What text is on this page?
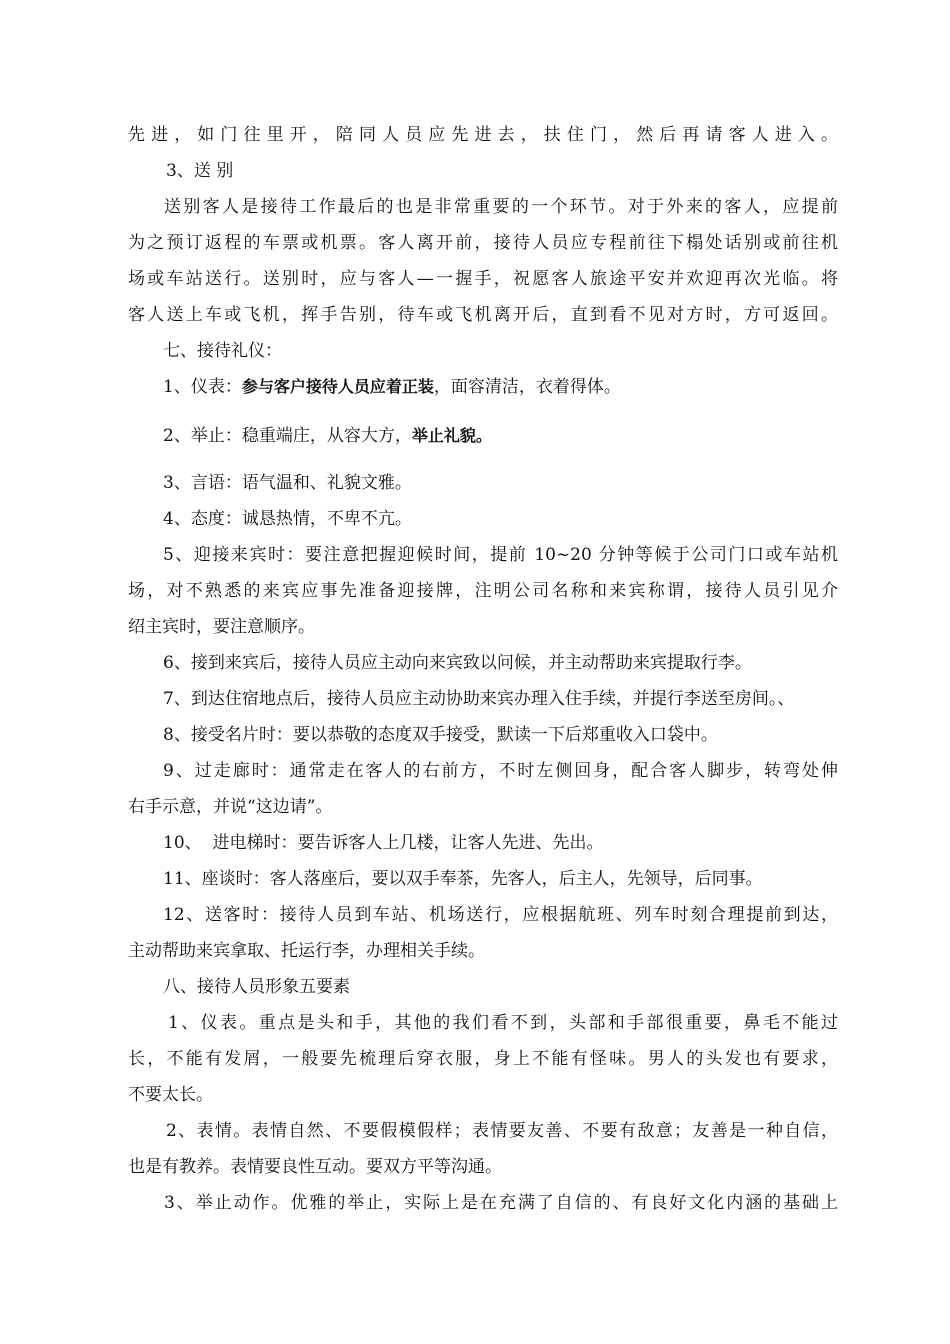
先进，如门往里开，陪同人员应先进去，扶住门，然后再请客人进入。
3、送 别
送别客人是接待工作最后的也是非常重要的一个环节。对于外来的客人，应提前
为之预订返程的车票或机票。客人离开前，接待人员应专程前往下榻处话别或前往机
场或车站送行。送别时，应与客人—一握手，祝愿客人旅途平安并欢迎再次光临。将
客人送上车或飞机，挥手告别，待车或飞机离开后，直到看不见对方时，方可返回。
七、接待礼仪：
1、仪表：参与客户接待人员应着正装，面容清洁，衣着得体。
2、举止：稳重端庄，从容大方，举止礼貌。
3、言语：语气温和、礼貌文雅。
4、态度：诚恳热情，不卑不亢。
5、迎接来宾时：要注意把握迎候时间，提前 10~20 分钟等候于公司门口或车站机
场，对不熟悉的来宾应事先准备迎接牌，注明公司名称和来宾称谓，接待人员引见介
绍主宾时，要注意顺序。
6、接到来宾后，接待人员应主动向来宾致以问候，并主动帮助来宾提取行李。
7、到达住宿地点后，接待人员应主动协助来宾办理入住手续，并提行李送至房间。、
8、接受名片时：要以恭敬的态度双手接受，默读一下后郑重收入口袋中。
9、过走廊时：通常走在客人的右前方，不时左侧回身，配合客人脚步，转弯处伸
右手示意，并说“这边请”。
10、  进电梯时：要告诉客人上几楼，让客人先进、先出。
11、座谈时：客人落座后，要以双手奉茶，先客人，后主人，先领导，后同事。
12、送客时：接待人员到车站、机场送行，应根据航班、列车时刻合理提前到达，
主动帮助来宾拿取、托运行李，办理相关手续。
八、接待人员形象五要素
1、仪表。重点是头和手，其他的我们看不到，头部和手部很重要，鼻毛不能过
长，不能有发屑，一般要先梳理后穿衣服，身上不能有怪味。男人的头发也有要求，
不要太长。
2、表情。表情自然、不要假模假样；表情要友善、不要有敌意；友善是一种自信，
也是有教养。表情要良性互动。要双方平等沟通。
3、举止动作。优雅的举止，实际上是在充满了自信的、有良好文化内涵的基础上
